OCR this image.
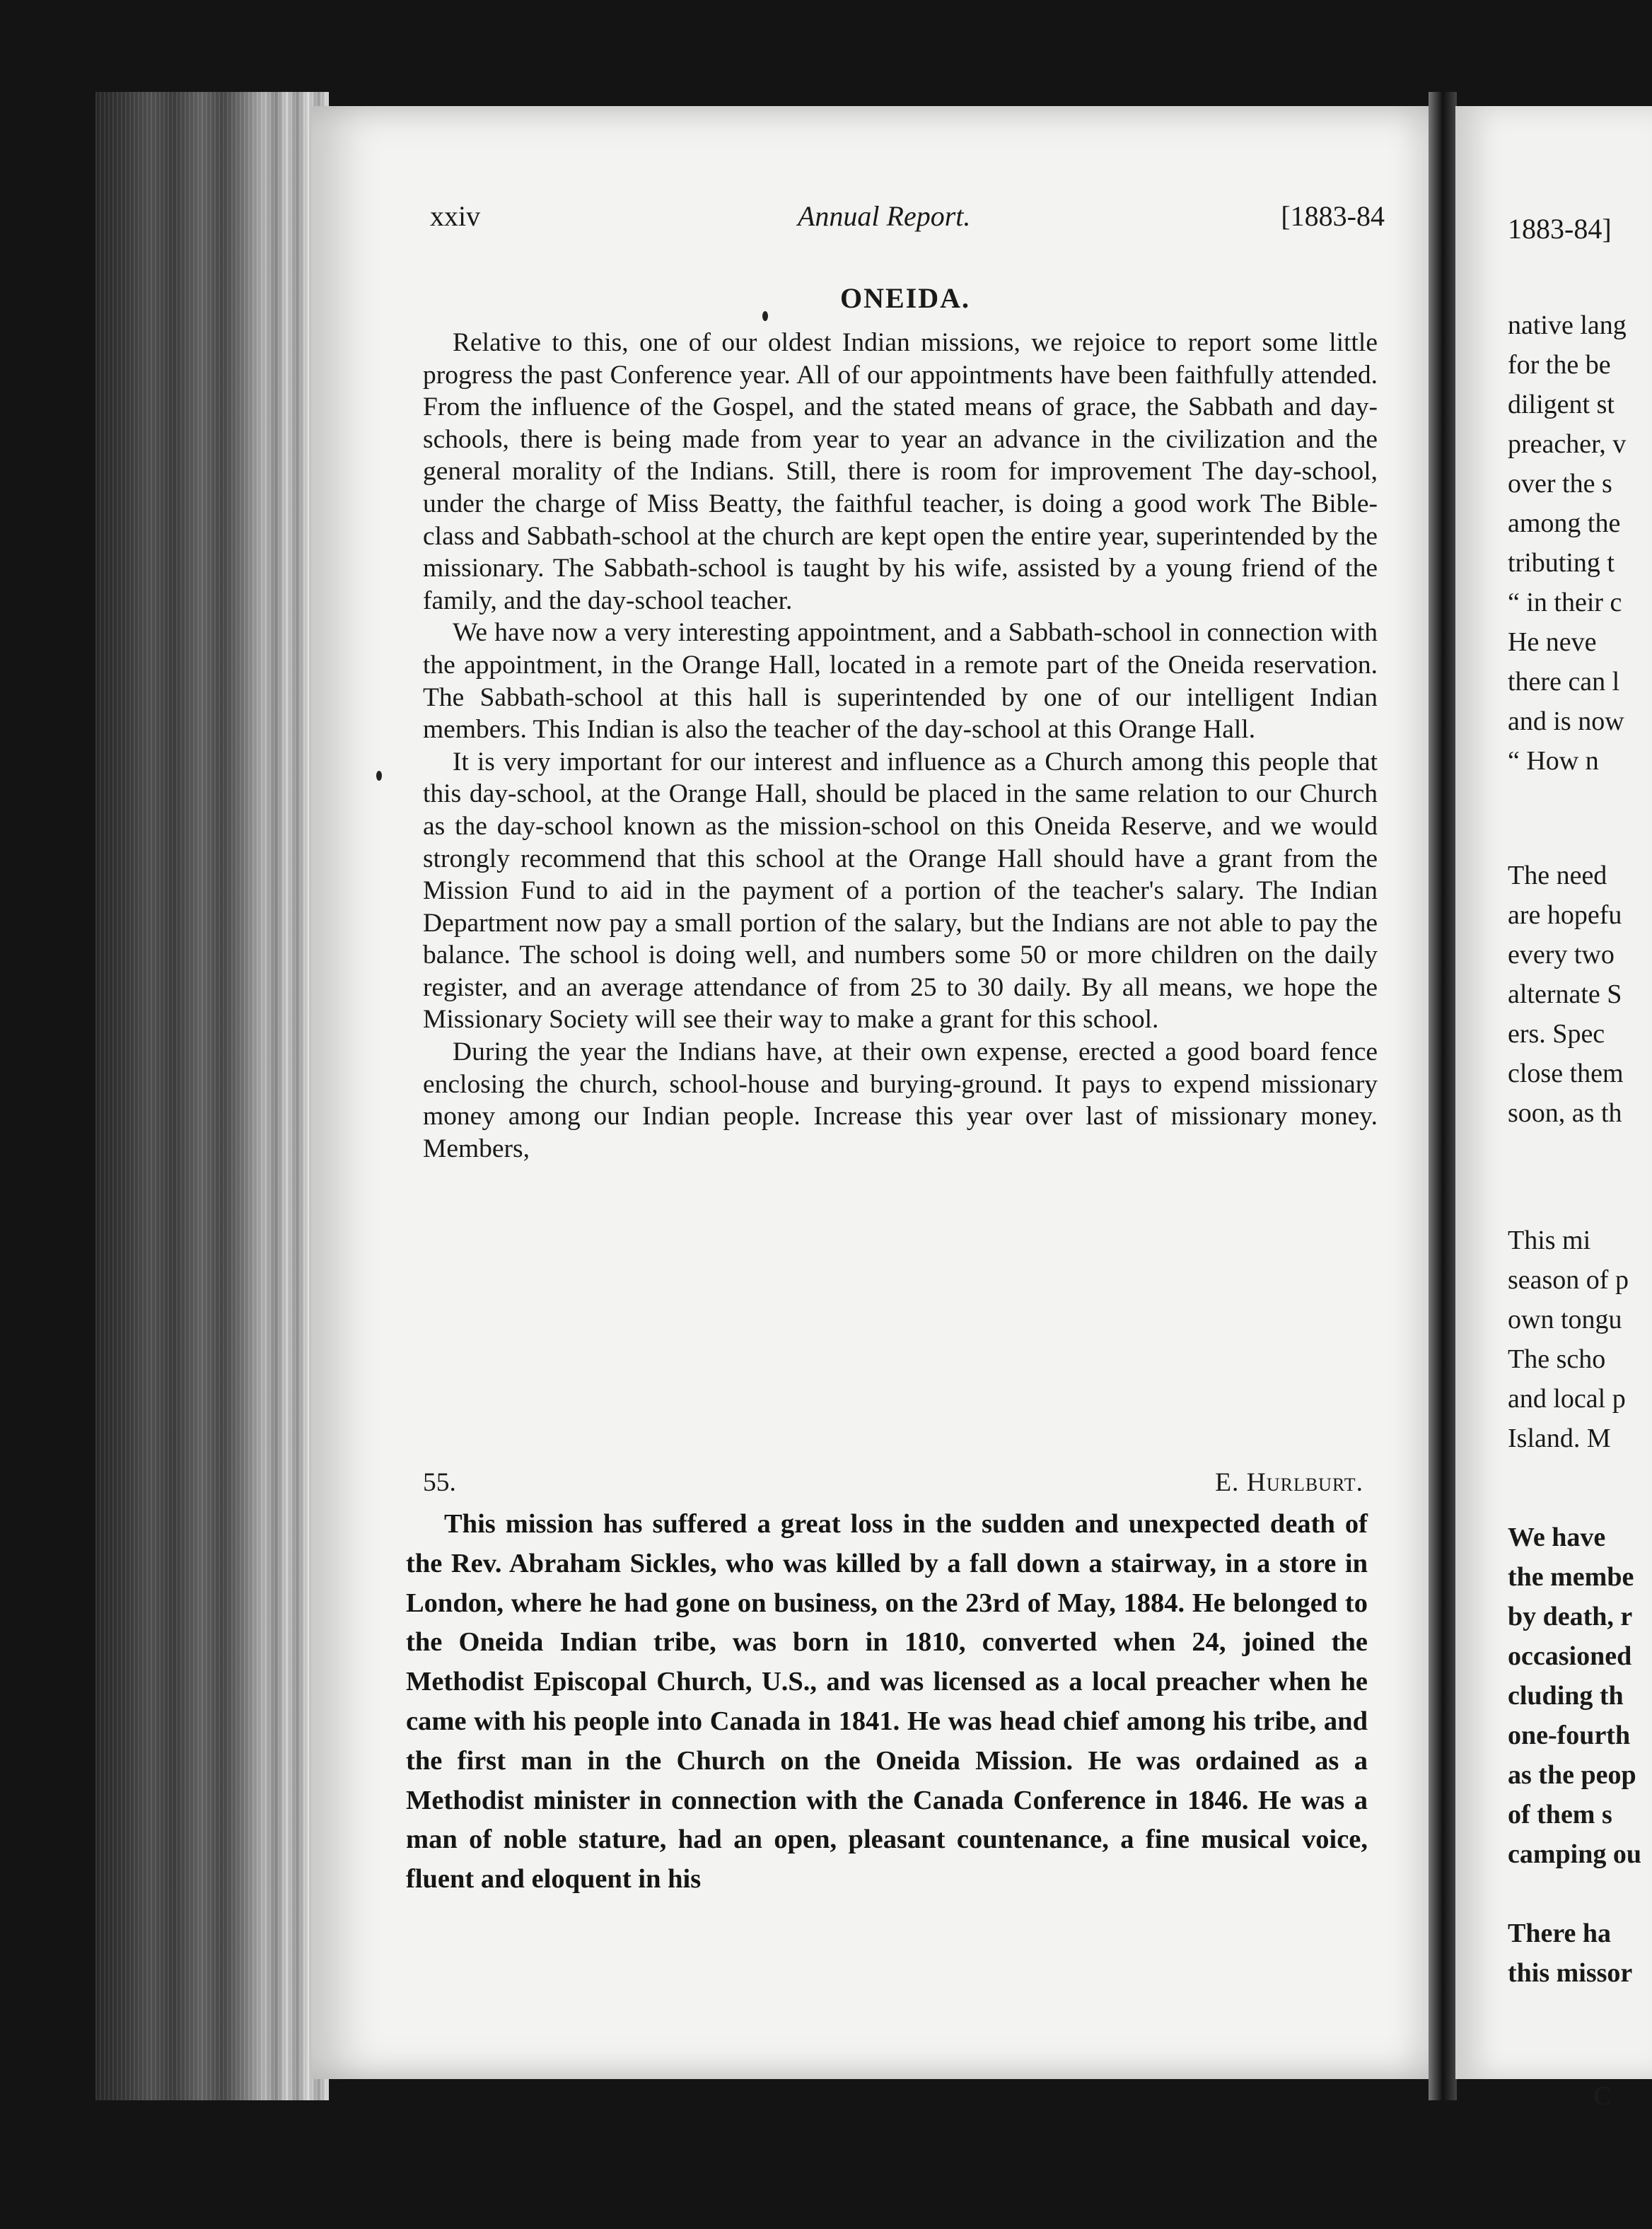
xxiv	Annual Report.	[1883-84
ONEIDA.

Relative to this, one of our oldest Indian missions, we rejoice to report some little progress the past Conference year. All of our appointments have been faithfully attended. From the influence of the Gospel, and the stated means of grace, the Sabbath and day-schools, there is being made from year to year an advance in the civilization and the general morality of the Indians. Still, there is room for improvement The day-school, under the charge of Miss Beatty, the faithful teacher, is doing a good work The Bible-class and Sabbath-school at the church are kept open the entire year, superintended by the missionary. The Sabbath-school is taught by his wife, assisted by a young friend of the family, and the day-school teacher.

We have now a very interesting appointment, and a Sabbath-school in connection with the appointment, in the Orange Hall, located in a remote part of the Oneida reservation. The Sabbath-school at this hall is superintended by one of our intelligent Indian members. This Indian is also the teacher of the day-school at this Orange Hall.

It is very important for our interest and influence as a Church among this people that this day-school, at the Orange Hall, should be placed in the same relation to our Church as the day-school known as the mission-school on this Oneida Reserve, and we would strongly recommend that this school at the Orange Hall should have a grant from the Mission Fund to aid in the payment of a portion of the teacher's salary. The Indian Department now pay a small portion of the salary, but the Indians are not able to pay the balance. The school is doing well, and numbers some 50 or more children on the daily register, and an average attendance of from 25 to 30 daily. By all means, we hope the Missionary Society will see their way to make a grant for this school.

During the year the Indians have, at their own expense, erected a good board fence enclosing the church, school-house and burying-ground. It pays to expend missionary money among our Indian people. Increase this year over last of missionary money. Members,

55.	E. Hurlburt.

This mission has suffered a great loss in the sudden and unexpected death of the Rev. Abraham Sickles, who was killed by a fall down a stairway, in a store in London, where he had gone on business, on the 23rd of May, 1884. He belonged to the Oneida Indian tribe, was born in 1810, converted when 24, joined the Methodist Episcopal Church, U.S., and was licensed as a local preacher when he came with his people into Canada in 1841. He was head chief among his tribe, and the first man in the Church on the Oneida Mission. He was ordained as a Methodist minister in connection with the Canada Conference in 1846. He was a man of noble stature, had an open, pleasant countenance, a fine musical voice, fluent and eloquent in his

1883-84]
native lang
for the be
diligent st
preacher, v
over the s
among the
tributing t
“ in their c
He neve
there can l
and is now
“ How n
The need
are hopefu
every two
alternate S
ers. Spec
close them
soon, as th
This mi
season of p
own tongu
The scho
and local p
Island. M
We have
the membe
by death, r
occasioned
cluding th
one-fourth
as the peop
of them s
camping ou
There ha
this missor
C
